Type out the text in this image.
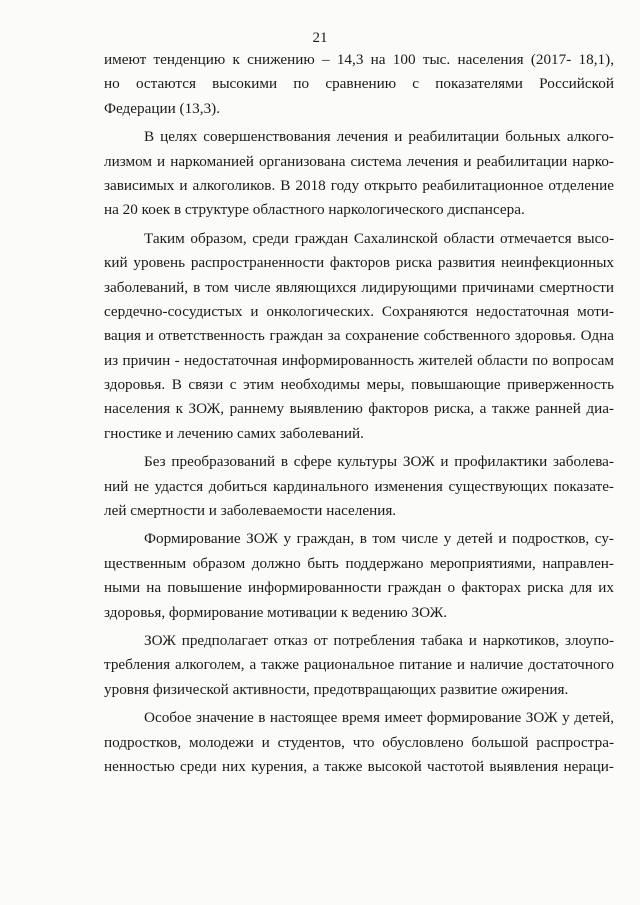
21
имеют тенденцию к снижению – 14,3 на 100 тыс. населения (2017- 18,1),
но остаются высокими по сравнению с показателями Российской
Федерации (13,3).
В целях совершенствования лечения и реабилитации больных алкого-
лизмом и наркоманией организована система лечения и реабилитации нарко-
зависимых и алкоголиков. В 2018 году открыто реабилитационное отделение
на 20 коек в структуре областного наркологического диспансера.
Таким образом, среди граждан Сахалинской области отмечается высо-
кий уровень распространенности факторов риска развития неинфекционных
заболеваний, в том числе являющихся лидирующими причинами смертности
сердечно-сосудистых и онкологических. Сохраняются недостаточная моти-
вация и ответственность граждан за сохранение собственного здоровья. Одна
из причин - недостаточная информированность жителей области по вопросам
здоровья. В связи с этим необходимы меры, повышающие приверженность
населения к ЗОЖ, раннему выявлению факторов риска, а также ранней диа-
гностике и лечению самих заболеваний.
Без преобразований в сфере культуры ЗОЖ и профилактики заболева-
ний не удастся добиться кардинального изменения существующих показате-
лей смертности и заболеваемости населения.
Формирование ЗОЖ у граждан, в том числе у детей и подростков, су-
щественным образом должно быть поддержано мероприятиями, направлен-
ными на повышение информированности граждан о факторах риска для их
здоровья, формирование мотивации к ведению ЗОЖ.
ЗОЖ предполагает отказ от потребления табака и наркотиков, злоупо-
требления алкоголем, а также рациональное питание и наличие достаточного
уровня физической активности, предотвращающих развитие ожирения.
Особое значение в настоящее время имеет формирование ЗОЖ у детей,
подростков, молодежи и студентов, что обусловлено большой распростра-
ненностью среди них курения, а также высокой частотой выявления нераци-
